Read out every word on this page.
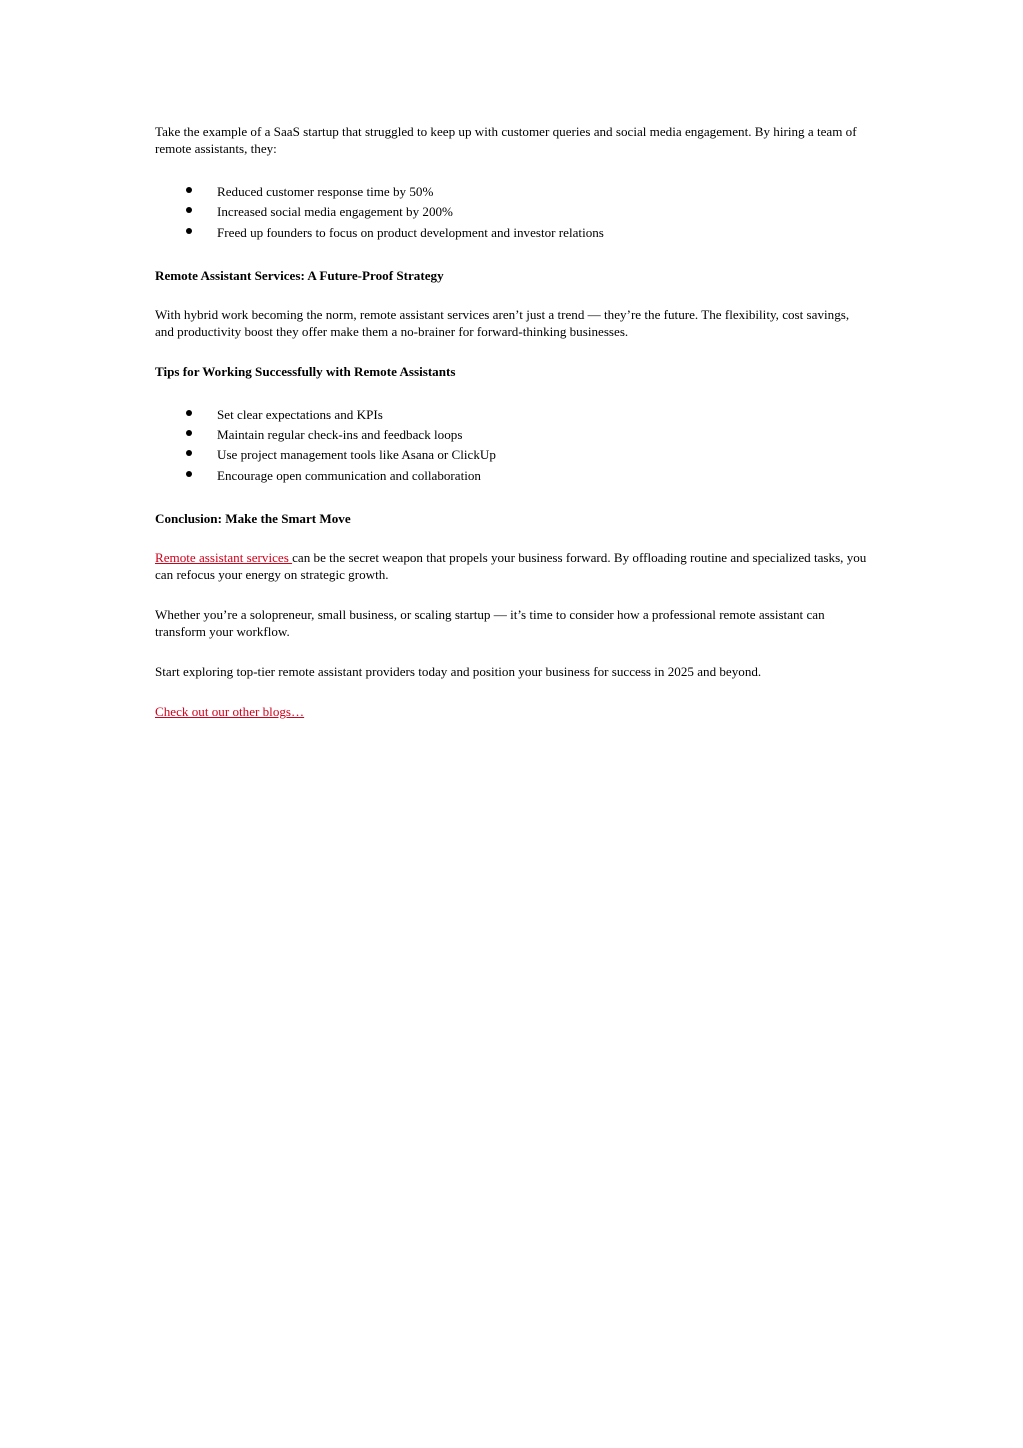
Take the example of a SaaS startup that struggled to keep up with customer queries and social media engagement. By hiring a team of remote assistants, they:

Reduced customer response time by 50%
Increased social media engagement by 200%
Freed up founders to focus on product development and investor relations

Remote Assistant Services: A Future-Proof Strategy

With hybrid work becoming the norm, remote assistant services aren’t just a trend — they’re the future. The flexibility, cost savings, and productivity boost they offer make them a no-brainer for forward-thinking businesses.

Tips for Working Successfully with Remote Assistants

Set clear expectations and KPIs
Maintain regular check-ins and feedback loops
Use project management tools like Asana or ClickUp
Encourage open communication and collaboration

Conclusion: Make the Smart Move

Remote assistant services can be the secret weapon that propels your business forward. By offloading routine and specialized tasks, you can refocus your energy on strategic growth.

Whether you’re a solopreneur, small business, or scaling startup — it’s time to consider how a professional remote assistant can transform your workflow.

Start exploring top-tier remote assistant providers today and position your business for success in 2025 and beyond.

Check out our other blogs…
